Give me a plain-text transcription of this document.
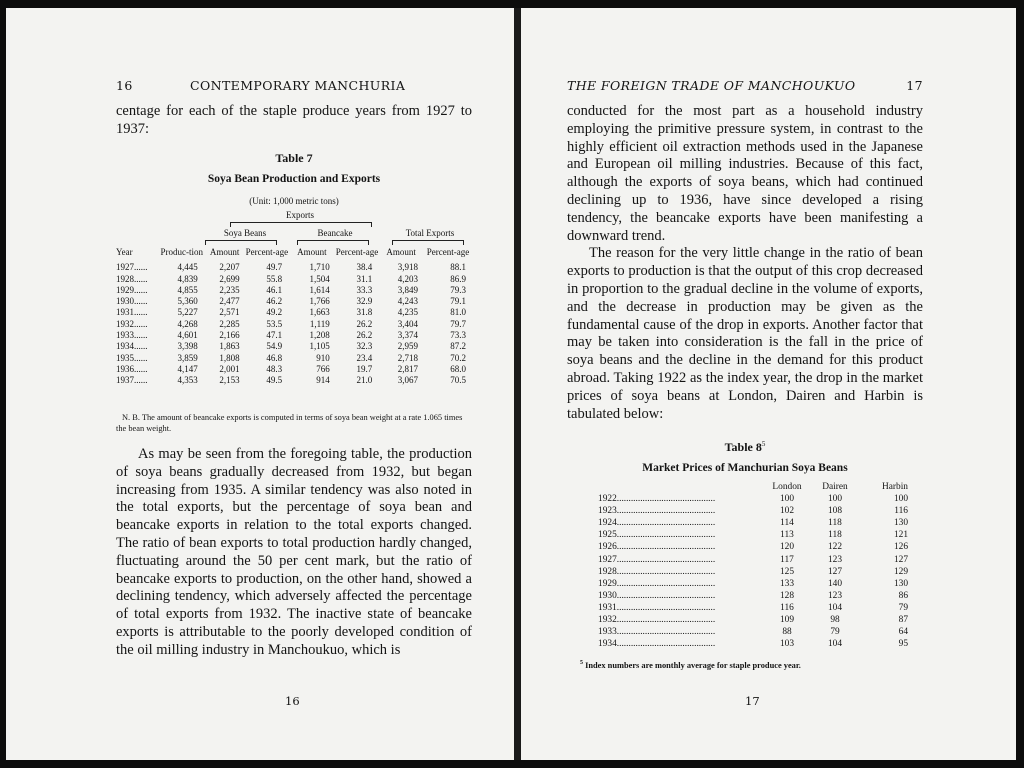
16	CONTEMPORARY MANCHURIA

centage for each of the staple produce years from 1927 to 1937:

Table 7
Soya Bean Production and Exports
(Unit: 1,000 metric tons)
Exports
Soya Beans	Beancake	Total Exports
Year	Produc-tion	Amount	Percent-age	Amount	Percent-age	Amount	Percent-age

1927......	4,445	2,207	49.7	1,710	38.4	3,918	88.1
1928......	4,839	2,699	55.8	1,504	31.1	4,203	86.9
1929......	4,855	2,235	46.1	1,614	33.3	3,849	79.3
1930......	5,360	2,477	46.2	1,766	32.9	4,243	79.1
1931......	5,227	2,571	49.2	1,663	31.8	4,235	81.0
1932......	4,268	2,285	53.5	1,119	26.2	3,404	79.7
1933......	4,601	2,166	47.1	1,208	26.2	3,374	73.3
1934......	3,398	1,863	54.9	1,105	32.3	2,959	87.2
1935......	3,859	1,808	46.8	910	23.4	2,718	70.2
1936......	4,147	2,001	48.3	766	19.7	2,817	68.0
1937......	4,353	2,153	49.5	914	21.0	3,067	70.5
N. B. The amount of beancake exports is computed in terms of soya bean weight at a rate 1.065 times the bean weight.

As may be seen from the foregoing table, the production of soya beans gradually decreased from 1932, but began increasing from 1935. A similar tendency was also noted in the total exports, but the percentage of soya bean and beancake exports in relation to the total exports changed. The ratio of bean exports to total production hardly changed, fluctuating around the 50 per cent mark, but the ratio of beancake exports to production, on the other hand, showed a declining tendency, which adversely affected the percentage of total exports from 1932. The inactive state of beancake exports is attributable to the poorly developed condition of the oil milling industry in Manchoukuo, which is

16
THE FOREIGN TRADE OF MANCHOUKUO	17

conducted for the most part as a household industry employing the primitive pressure system, in contrast to the highly efficient oil extraction methods used in the Japanese and European oil milling industries. Because of this fact, although the exports of soya beans, which had continued declining up to 1936, have since developed a rising tendency, the beancake exports have been manifesting a downward trend.

The reason for the very little change in the ratio of bean exports to production is that the output of this crop decreased in proportion to the gradual decline in the volume of exports, and the decrease in production may be given as the fundamental cause of the drop in exports. Another factor that may be taken into consideration is the fall in the price of soya beans and the decline in the demand for this product abroad. Taking 1922 as the index year, the drop in the market prices of soya beans at London, Dairen and Harbin is tabulated below:

Table $8^5$
Market Prices of Manchurian Soya Beans
	London	Dairen	Harbin
1922..........................................	100	100	100
1923..........................................	102	108	116
1924..........................................	114	118	130
1925..........................................	113	118	121
1926..........................................	120	122	126
1927..........................................	117	123	127
1928..........................................	125	127	129
1929..........................................	133	140	130
1930..........................................	128	123	86
1931..........................................	116	104	79
1932..........................................	109	98	87
1933..........................................	88	79	64
1934..........................................	103	104	95
$^5$ Index numbers are monthly average for staple produce year.
17
